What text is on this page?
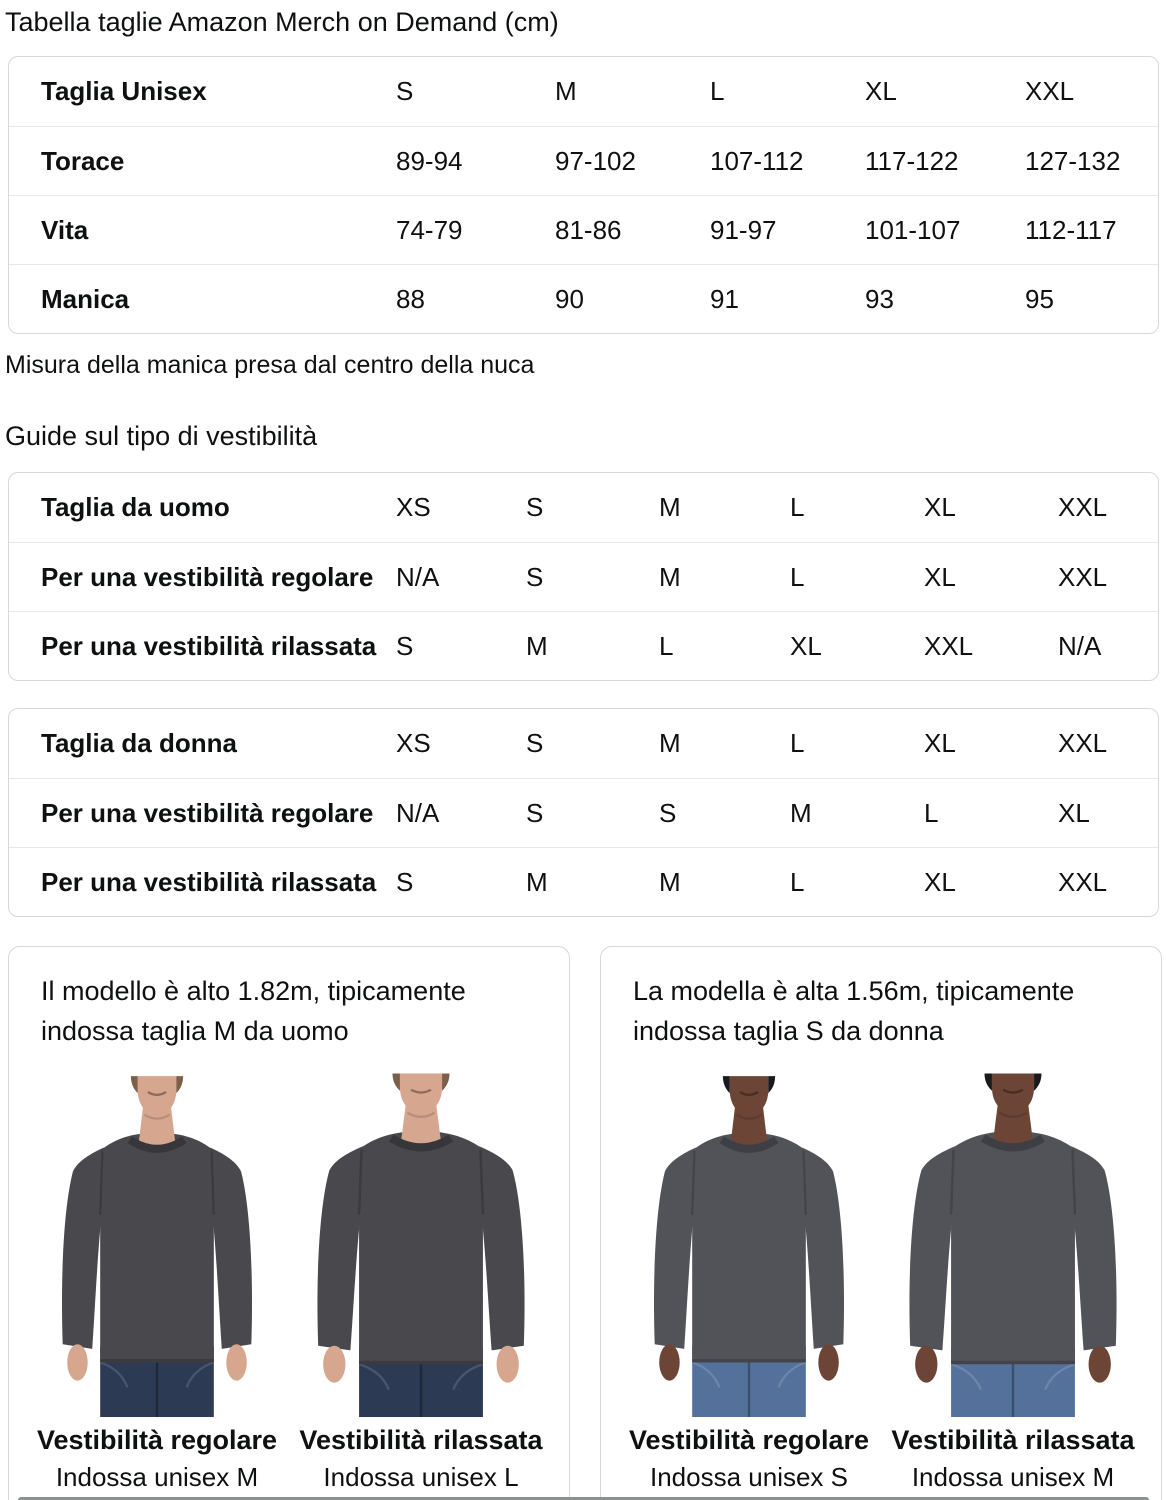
Tabella taglie Amazon Merch on Demand (cm)
Taglia Unisex	S	M	L	XL	XXL
Torace	89-94	97-102	107-112	117-122	127-132
Vita	74-79	81-86	91-97	101-107	112-117
Manica	88	90	91	93	95
Misura della manica presa dal centro della nuca
Guide sul tipo di vestibilità
Taglia da uomo	XS	S	M	L	XL	XXL
Per una vestibilità regolare N/A	S	M	L	XL	XXL
Per una vestibilità rilassata S	M	L	XL	XXL	N/A
Taglia da donna	XS	S	M	L	XL	XXL
Per una vestibilità regolare N/A	S	S	M	L	XL
Per una vestibilità rilassata S	M	M	L	XL	XXL
Il modello è alto 1.82m, tipicamente indossa taglia M da uomo
Vestibilità regolare
Indossa unisex M
Vestibilità rilassata
Indossa unisex L
La modella è alta 1.56m, tipicamente indossa taglia S da donna
Vestibilità regolare
Indossa unisex S
Vestibilità rilassata
Indossa unisex M
